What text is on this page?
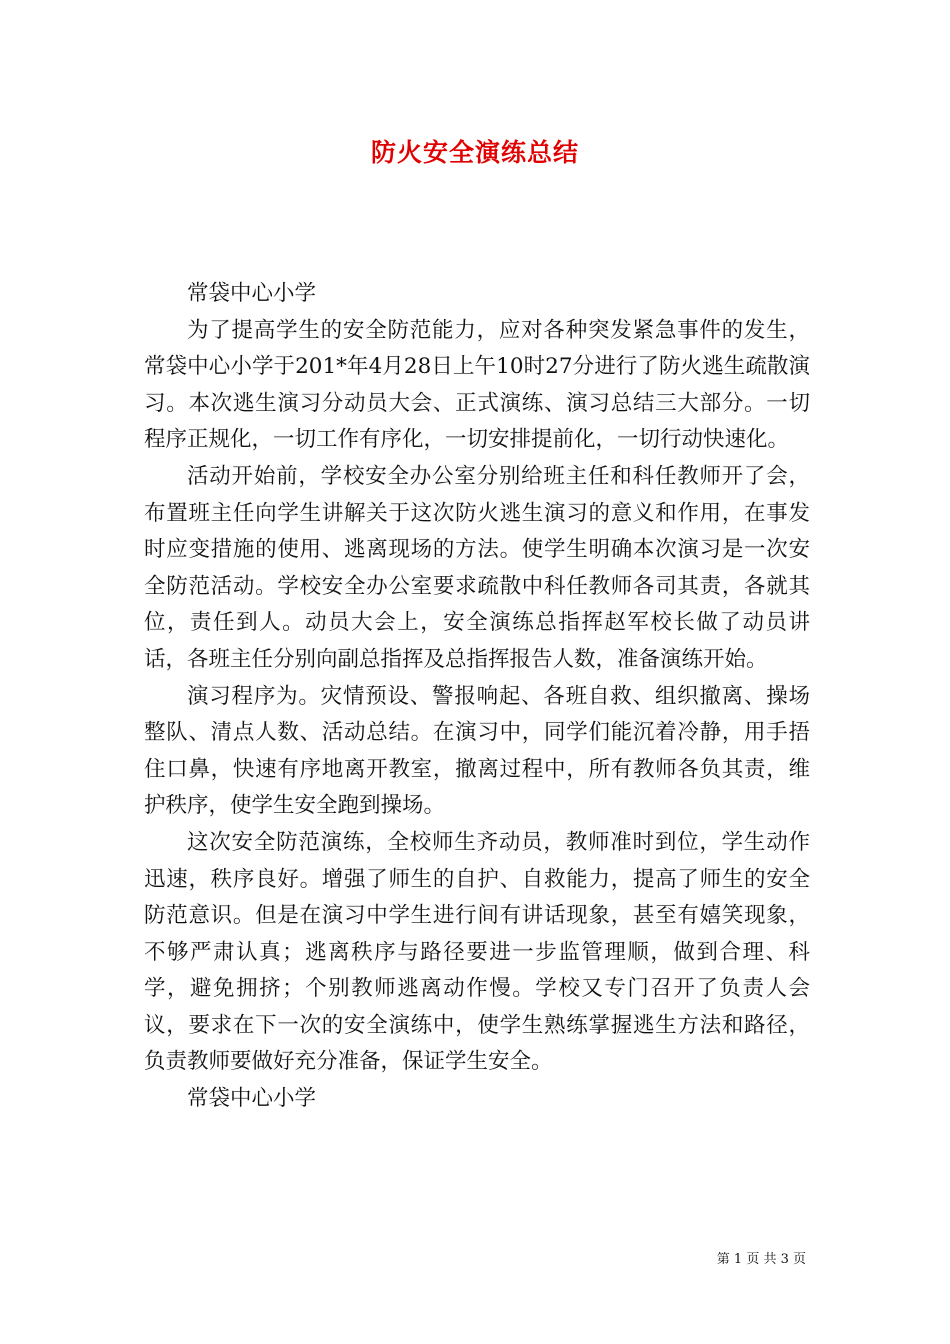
防火安全演练总结

常袋中心小学

为了提高学生的安全防范能力，应对各种突发紧急事件的发生，常袋中心小学于201*年4月28日上午10时27分进行了防火逃生疏散演习。本次逃生演习分动员大会、正式演练、演习总结三大部分。一切程序正规化，一切工作有序化，一切安排提前化，一切行动快速化。

活动开始前，学校安全办公室分别给班主任和科任教师开了会，布置班主任向学生讲解关于这次防火逃生演习的意义和作用，在事发时应变措施的使用、逃离现场的方法。使学生明确本次演习是一次安全防范活动。学校安全办公室要求疏散中科任教师各司其责，各就其位，责任到人。动员大会上，安全演练总指挥赵军校长做了动员讲话，各班主任分别向副总指挥及总指挥报告人数，准备演练开始。

演习程序为。灾情预设、警报响起、各班自救、组织撤离、操场整队、清点人数、活动总结。在演习中，同学们能沉着冷静，用手捂住口鼻，快速有序地离开教室，撤离过程中，所有教师各负其责，维护秩序，使学生安全跑到操场。

这次安全防范演练，全校师生齐动员，教师准时到位，学生动作迅速，秩序良好。增强了师生的自护、自救能力，提高了师生的安全防范意识。但是在演习中学生进行间有讲话现象，甚至有嬉笑现象，不够严肃认真；逃离秩序与路径要进一步监管理顺，做到合理、科学，避免拥挤；个别教师逃离动作慢。学校又专门召开了负责人会议，要求在下一次的安全演练中，使学生熟练掌握逃生方法和路径，负责教师要做好充分准备，保证学生安全。

常袋中心小学

第 1 页 共 3 页
